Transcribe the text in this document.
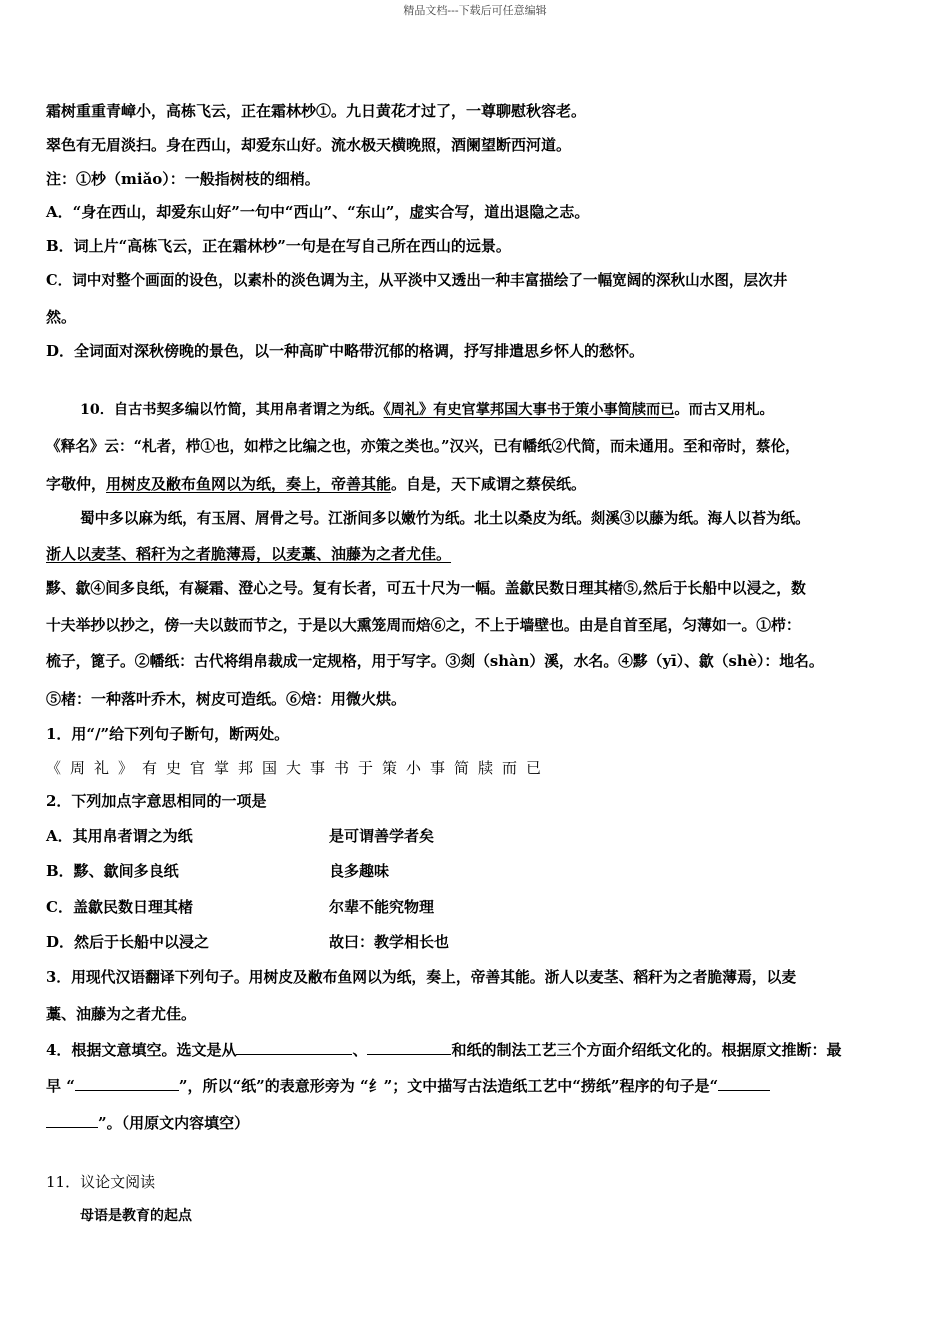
精品文档---下载后可任意编辑
霜树重重青嶂小，高栋飞云，正在霜林杪①。九日黄花才过了，一尊聊慰秋容老。
翠色有无眉淡扫。身在西山，却爱东山好。流水极天横晚照，酒阑望断西河道。
注：①杪（miǎo）：一般指树枝的细梢。
A．“身在西山，却爱东山好”一句中“西山”、“东山”，虚实合写，道出退隐之志。
B．词上片“高栋飞云，正在霜林杪”一句是在写自己所在西山的远景。
C．词中对整个画面的设色，以素朴的淡色调为主，从平淡中又透出一种丰富描绘了一幅宽阔的深秋山水图，层次井
然。
D．全词面对深秋傍晚的景色，以一种高旷中略带沉郁的格调，抒写排遣思乡怀人的愁怀。
10．自古书契多编以竹简，其用帛者谓之为纸。《周礼》有史官掌邦国大事书于策小事简牍而已。而古又用札。
《释名》云：“札者，栉①也，如栉之比编之也，亦策之类也。”汉兴，已有幡纸②代简，而未通用。至和帝时，蔡伦，
字敬仲，用树皮及敝布鱼网以为纸，奏上，帝善其能。自是，天下咸谓之蔡侯纸。
蜀中多以麻为纸，有玉屑、屑骨之号。江浙间多以嫩竹为纸。北土以桑皮为纸。剡溪③以藤为纸。海人以苔为纸。
浙人以麦茎、稻秆为之者脆薄焉，以麦藁、油藤为之者尤佳。
黟、歙④间多良纸，有凝霜、澄心之号。复有长者，可五十尺为一幅。盖歙民数日理其楮⑤,然后于长船中以浸之，数
十夫举抄以抄之，傍一夫以鼓而节之，于是以大熏笼周而焙⑥之，不上于墙壁也。由是自首至尾，匀薄如一。①栉：
梳子，篦子。②幡纸：古代将绢帛裁成一定规格，用于写字。③剡（shàn）溪，水名。④黟（yī）、歙（shè）：地名。
⑤楮：一种落叶乔木，树皮可造纸。⑥焙：用微火烘。
1．用“/”给下列句子断句，断两处。
《周礼》有史官掌邦国大事书于策小事简牍而已
2．下列加点字意思相同的一项是
A．其用帛者谓之为纸	是可谓善学者矣
B．黟、歙间多良纸	良多趣味
C．盖歙民数日理其楮	尔辈不能究物理
D．然后于长船中以浸之	故曰：教学相长也
3．用现代汉语翻译下列句子。用树皮及敝布鱼网以为纸，奏上，帝善其能。浙人以麦茎、稻秆为之者脆薄焉，以麦
藁、油藤为之者尤佳。
4．根据文意填空。选文是从	、	和纸的制法工艺三个方面介绍纸文化的。根据原文推断：最
早 “	”，所以“纸”的表意形旁为 “纟”；文中描写古法造纸工艺中“捞纸”程序的句子是“
”。（用原文内容填空）
11．议论文阅读
母语是教育的起点
